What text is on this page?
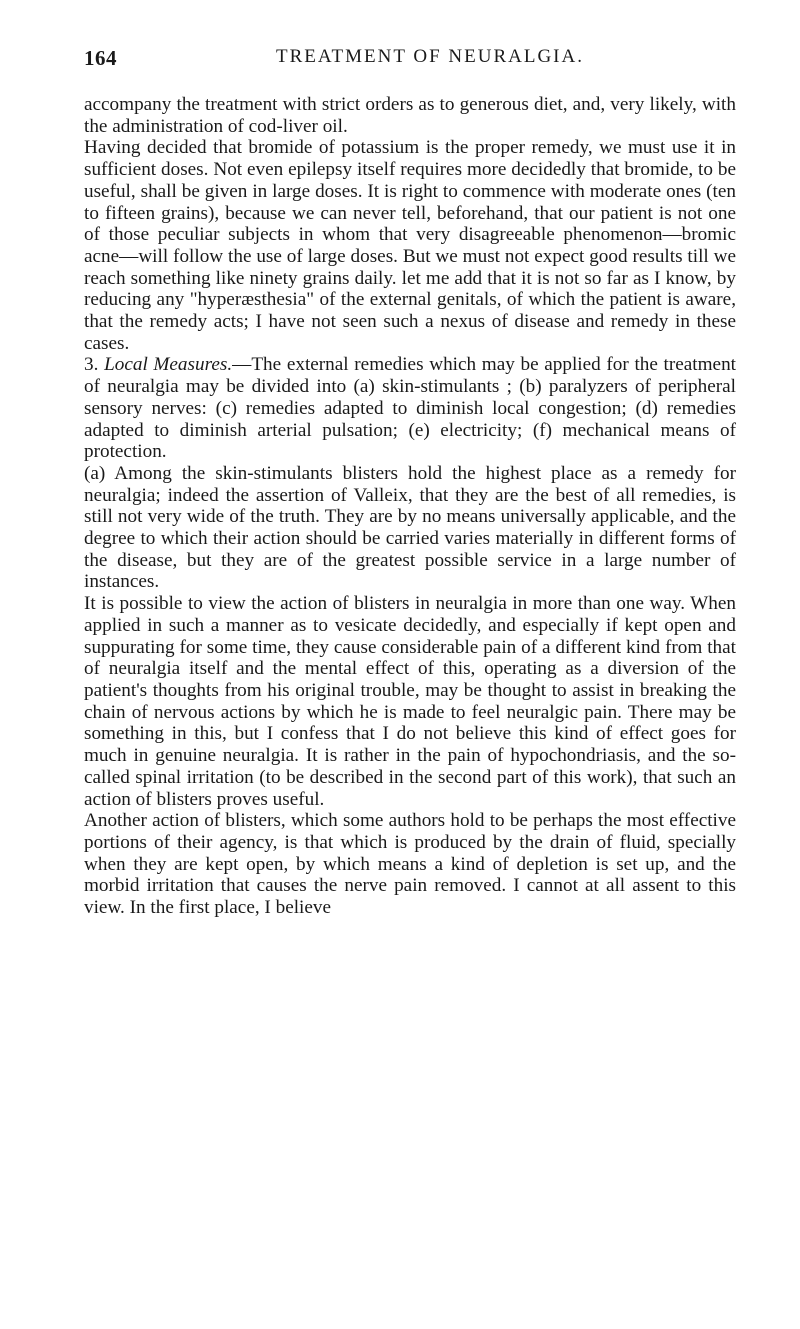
164	TREATMENT OF NEURALGIA.

accompany the treatment with strict orders as to generous diet, and, very likely, with the administration of cod-liver oil.

Having decided that bromide of potassium is the proper remedy, we must use it in sufficient doses. Not even epilepsy itself requires more decidedly that bromide, to be useful, shall be given in large doses. It is right to commence with moderate ones (ten to fifteen grains), because we can never tell, beforehand, that our patient is not one of those peculiar subjects in whom that very disagreeable phenomenon—bromic acne—will follow the use of large doses. But we must not expect good results till we reach something like ninety grains daily. let me add that it is not so far as I know, by reducing any "hyperæsthesia" of the external genitals, of which the patient is aware, that the remedy acts; I have not seen such a nexus of disease and remedy in these cases.

3. Local Measures.—The external remedies which may be applied for the treatment of neuralgia may be divided into (a) skin-stimulants ; (b) paralyzers of peripheral sensory nerves: (c) remedies adapted to diminish local congestion; (d) remedies adapted to diminish arterial pulsation; (e) electricity; (f) mechanical means of protection.

(a) Among the skin-stimulants blisters hold the highest place as a remedy for neuralgia; indeed the assertion of Valleix, that they are the best of all remedies, is still not very wide of the truth. They are by no means universally applicable, and the degree to which their action should be carried varies materially in different forms of the disease, but they are of the greatest possible service in a large number of instances.

It is possible to view the action of blisters in neuralgia in more than one way. When applied in such a manner as to vesicate decidedly, and especially if kept open and suppurating for some time, they cause considerable pain of a different kind from that of neuralgia itself and the mental effect of this, operating as a diversion of the patient's thoughts from his original trouble, may be thought to assist in breaking the chain of nervous actions by which he is made to feel neuralgic pain. There may be something in this, but I confess that I do not believe this kind of effect goes for much in genuine neuralgia. It is rather in the pain of hypochondriasis, and the so-called spinal irritation (to be described in the second part of this work), that such an action of blisters proves useful.

Another action of blisters, which some authors hold to be perhaps the most effective portions of their agency, is that which is produced by the drain of fluid, specially when they are kept open, by which means a kind of depletion is set up, and the morbid irritation that causes the nerve pain removed. I cannot at all assent to this view. In the first place, I believe
